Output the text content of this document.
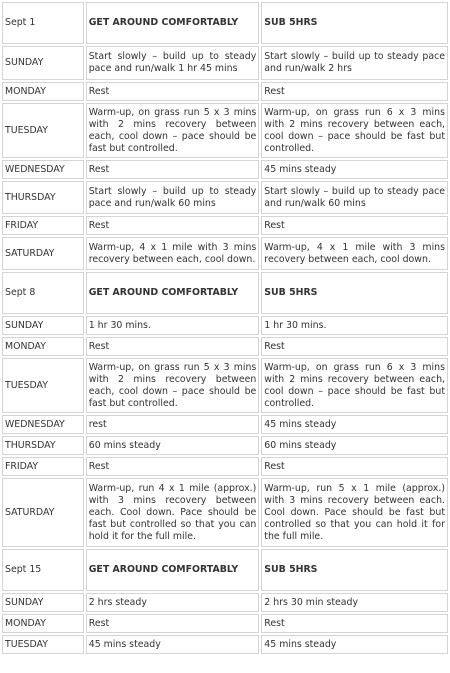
Sept 1	GET AROUND COMFORTABLY	SUB 5HRS
SUNDAY	Start slowly – build up to steady pace and run/walk 1 hr 45 mins	Start slowly – build up to steady pace and run/walk 2 hrs
MONDAY	Rest	Rest
TUESDAY	Warm-up, on grass run 5 x 3 mins with 2 mins recovery between each, cool down – pace should be fast but controlled.	Warm-up, on grass run 6 x 3 mins with 2 mins recovery between each, cool down – pace should be fast but controlled.
WEDNESDAY	Rest	45 mins steady
THURSDAY	Start slowly – build up to steady pace and run/walk 60 mins	Start slowly – build up to steady pace and run/walk 60 mins
FRIDAY	Rest	Rest
SATURDAY	Warm-up, 4 x 1 mile with 3 mins recovery between each, cool down.	Warm-up, 4 x 1 mile with 3 mins recovery between each, cool down.
Sept 8	GET AROUND COMFORTABLY	SUB 5HRS
SUNDAY	1 hr 30 mins.	1 hr 30 mins.
MONDAY	Rest	Rest
TUESDAY	Warm-up, on grass run 5 x 3 mins with 2 mins recovery between each, cool down – pace should be fast but controlled.	Warm-up, on grass run 6 x 3 mins with 2 mins recovery between each, cool down – pace should be fast but controlled.
WEDNESDAY	rest	45 mins steady
THURSDAY	60 mins steady	60 mins steady
FRIDAY	Rest	Rest
SATURDAY	Warm-up, run 4 x 1 mile (approx.) with 3 mins recovery between each. Cool down. Pace should be fast but controlled so that you can hold it for the full mile.	Warm-up, run 5 x 1 mile (approx.) with 3 mins recovery between each. Cool down. Pace should be fast but controlled so that you can hold it for the full mile.
Sept 15	GET AROUND COMFORTABLY	SUB 5HRS
SUNDAY	2 hrs steady	2 hrs 30 min steady
MONDAY	Rest	Rest
TUESDAY	45 mins steady	45 mins steady
